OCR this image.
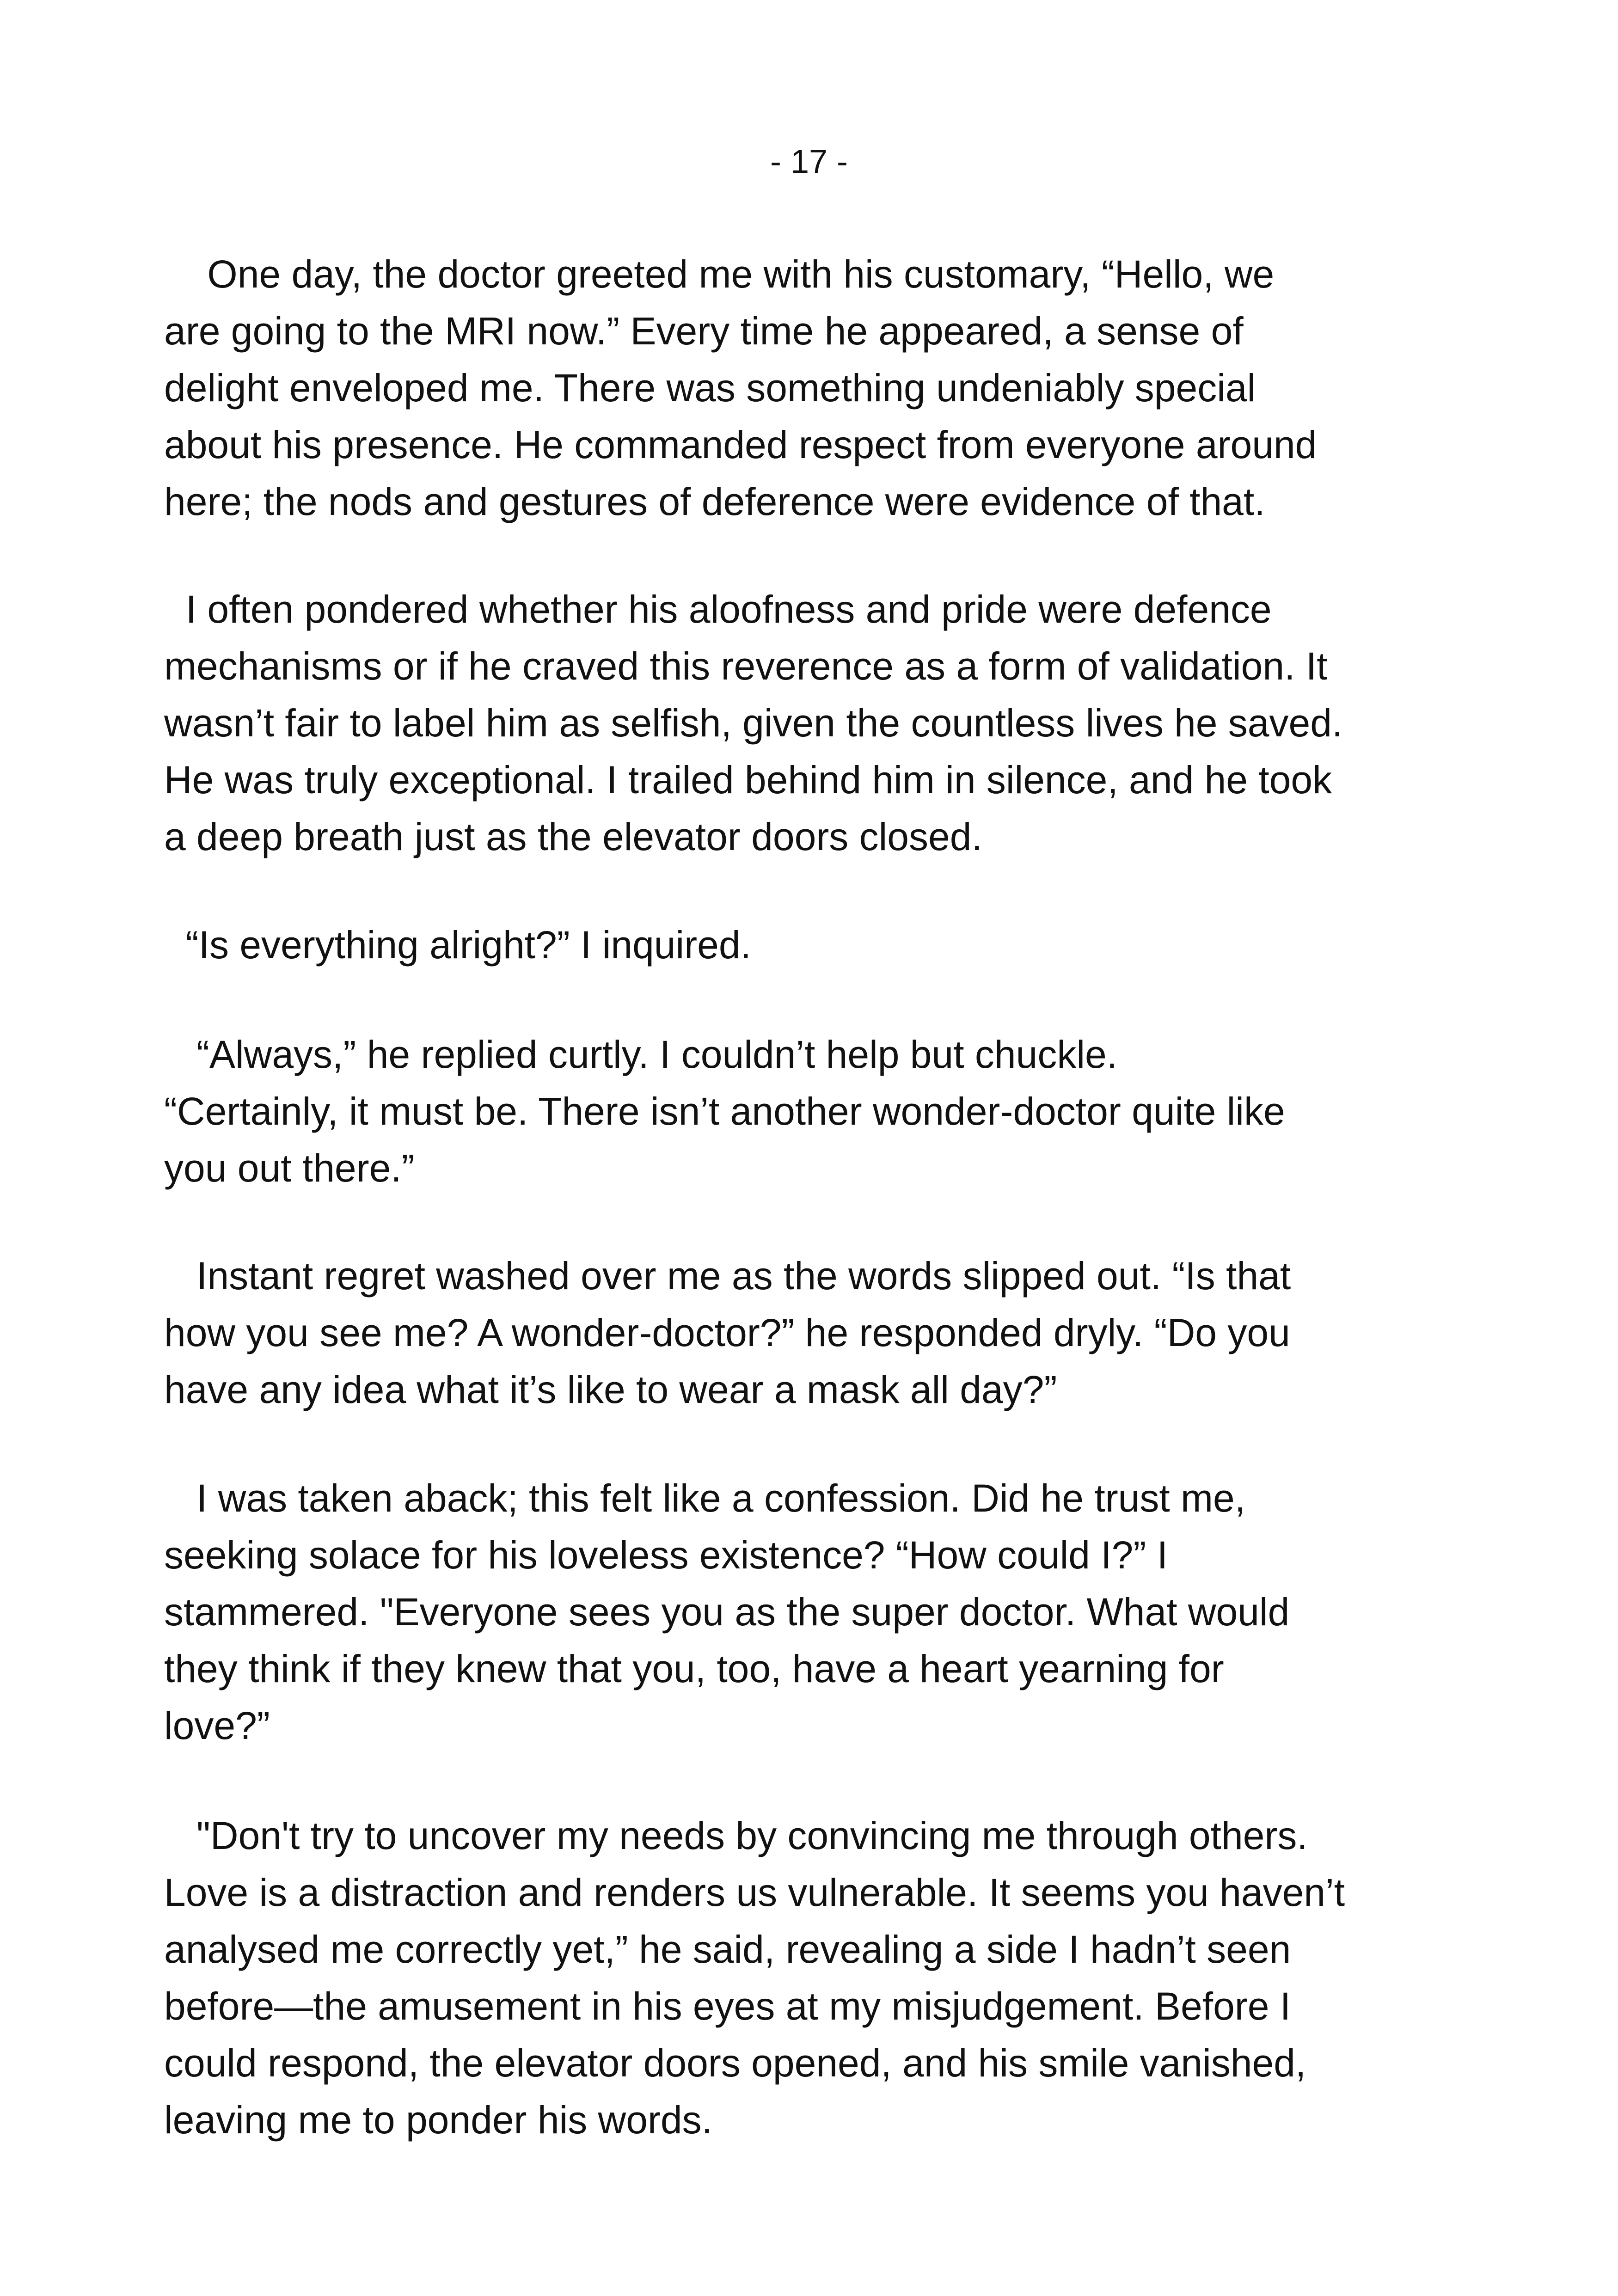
- 17 -
One day, the doctor greeted me with his customary, “Hello, we
are going to the MRI now.” Every time he appeared, a sense of
delight enveloped me. There was something undeniably special
about his presence. He commanded respect from everyone around
here; the nods and gestures of deference were evidence of that.
I often pondered whether his aloofness and pride were defence
mechanisms or if he craved this reverence as a form of validation. It
wasn’t fair to label him as selfish, given the countless lives he saved.
He was truly exceptional. I trailed behind him in silence, and he took
a deep breath just as the elevator doors closed.
“Is everything alright?” I inquired.
“Always,” he replied curtly. I couldn’t help but chuckle.
“Certainly, it must be. There isn’t another wonder-doctor quite like
you out there.”
Instant regret washed over me as the words slipped out. “Is that
how you see me? A wonder-doctor?” he responded dryly. “Do you
have any idea what it’s like to wear a mask all day?”
I was taken aback; this felt like a confession. Did he trust me,
seeking solace for his loveless existence? “How could I?” I
stammered. "Everyone sees you as the super doctor. What would
they think if they knew that you, too, have a heart yearning for
love?”
"Don't try to uncover my needs by convincing me through others.
Love is a distraction and renders us vulnerable. It seems you haven’t
analysed me correctly yet,” he said, revealing a side I hadn’t seen
before—the amusement in his eyes at my misjudgement. Before I
could respond, the elevator doors opened, and his smile vanished,
leaving me to ponder his words.
